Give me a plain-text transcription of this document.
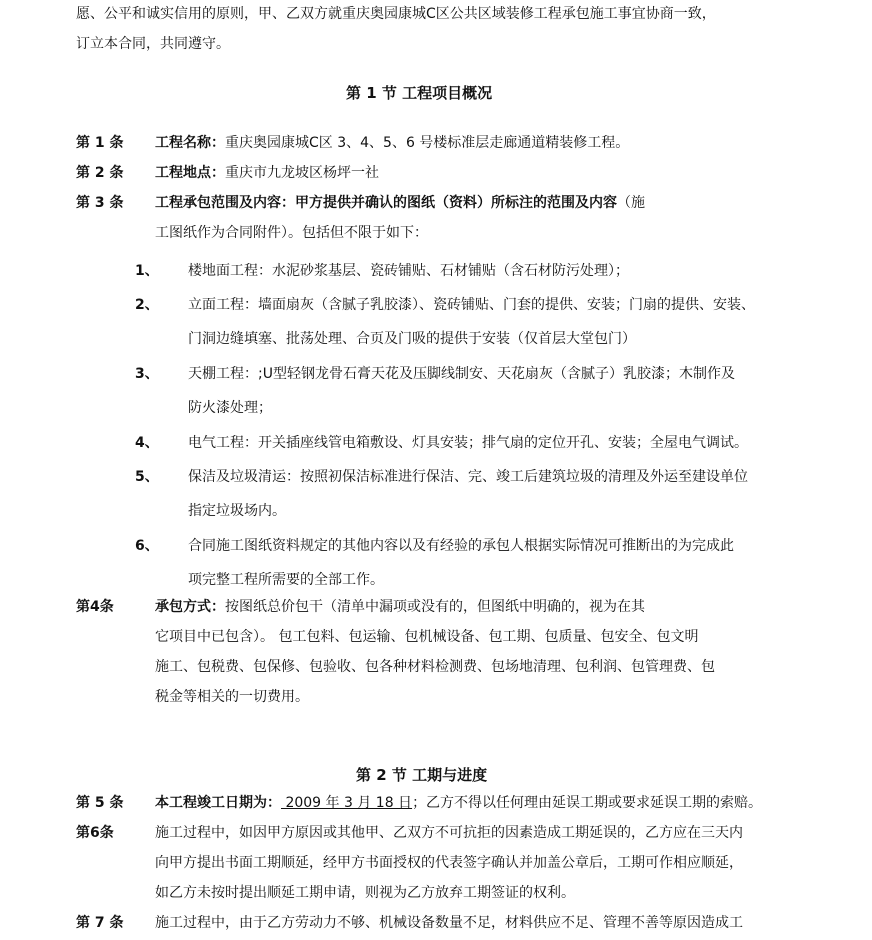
愿、公平和诚实信用的原则，甲、乙双方就重庆奥园康城C区公共区域装修工程承包施工事宜协商一致，
订立本合同，共同遵守。
第 1 节 工程项目概况
第 1 条 工程名称：重庆奥园康城C区 3、4、5、6 号楼标准层走廊通道精装修工程。
第 2 条 工程地点：重庆市九龙坡区杨坪一社
第 3 条 工程承包范围及内容：甲方提供并确认的图纸（资料）所标注的范围及内容（施
工图纸作为合同附件）。包括但不限于如下：
1、 楼地面工程：水泥砂浆基层、瓷砖铺贴、石材铺贴（含石材防污处理）；
2、 立面工程：墙面扇灰（含腻子乳胶漆）、瓷砖铺贴、门套的提供、安装；门扇的提供、安装、
门洞边缝填塞、批荡处理、合页及门吸的提供于安装（仅首层大堂包门）
3、 天棚工程：;U型轻钢龙骨石膏天花及压脚线制安、天花扇灰（含腻子）乳胶漆；木制作及
防火漆处理；
4、 电气工程：开关插座线管电箱敷设、灯具安装；排气扇的定位开孔、安装；全屋电气调试。
5、 保洁及垃圾清运：按照初保洁标准进行保洁、完、竣工后建筑垃圾的清理及外运至建设单位
指定垃圾场内。
6、 合同施工图纸资料规定的其他内容以及有经验的承包人根据实际情况可推断出的为完成此
项完整工程所需要的全部工作。
第4条	承包方式：按图纸总价包干（清单中漏项或没有的，但图纸中明确的，视为在其
它项目中已包含）。 包工包料、包运输、包机械设备、包工期、包质量、包安全、包文明
施工、包税费、包保修、包验收、包各种材料检测费、包场地清理、包利润、包管理费、包
税金等相关的一切费用。
第 2 节 工期与进度
第 5 条 本工程竣工日期为： 2009 年 3 月 18 日；乙方不得以任何理由延误工期或要求延误工期的索赔。
第6条	施工过程中，如因甲方原因或其他甲、乙双方不可抗拒的因素造成工期延误的，乙方应在三天内
向甲方提出书面工期顺延，经甲方书面授权的代表签字确认并加盖公章后，工期可作相应顺延，
如乙方未按时提出顺延工期申请，则视为乙方放弃工期签证的权利。
第 7 条 施工过程中，由于乙方劳动力不够、机械设备数量不足，材料供应不足、管理不善等原因造成工
